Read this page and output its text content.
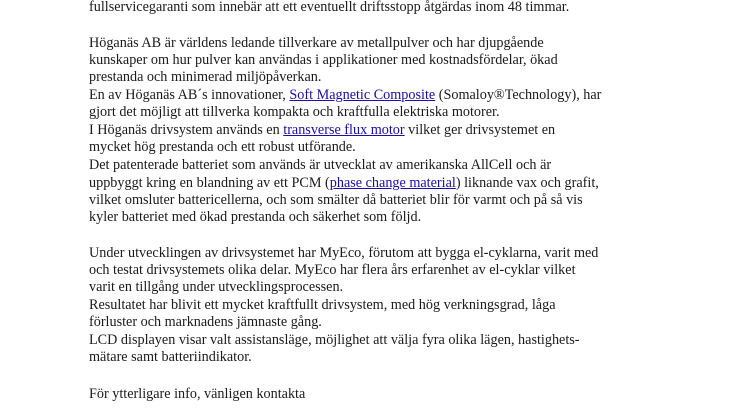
fullservicegaranti som innebär att ett eventuellt driftsstopp åtgärdas inom 48 timmar.
Höganäs AB är världens ledande tillverkare av metallpulver och har djupgående
kunskaper om hur pulver kan användas i applikationer med kostnadsfördelar, ökad
prestanda och minimerad miljöpåverkan.
En av Höganäs AB´s innovationer, Soft Magnetic Composite (Somaloy®Technology), har
gjort det möjligt att tillverka kompakta och kraftfulla elektriska motorer.
I Höganäs drivsystem används en transverse flux motor vilket ger drivsystemet en
mycket hög prestanda och ett robust utförande.
Det patenterade batteriet som används är utvecklat av amerikanska AllCell och är
uppbyggt kring en blandning av ett PCM (phase change material) liknande vax och grafit,
vilket omsluter battericellerna, och som smälter då batteriet blir för varmt och på så vis
kyler batteriet med ökad prestanda och säkerhet som följd.
Under utvecklingen av drivsystemet har MyEco, förutom att bygga el-cyklarna, varit med
och testat drivsystemets olika delar. MyEco har flera års erfarenhet av el-cyklar vilket
varit en tillgång under utvecklingsprocessen.
Resultatet har blivit ett mycket kraftfullt drivsystem, med hög verkningsgrad, låga
förluster och marknadens jämnaste gång.
LCD displayen visar valt assistansläge, möjlighet att välja fyra olika lägen, hastighets-
mätare samt batteriindikator.
För ytterligare info, vänligen kontakta
